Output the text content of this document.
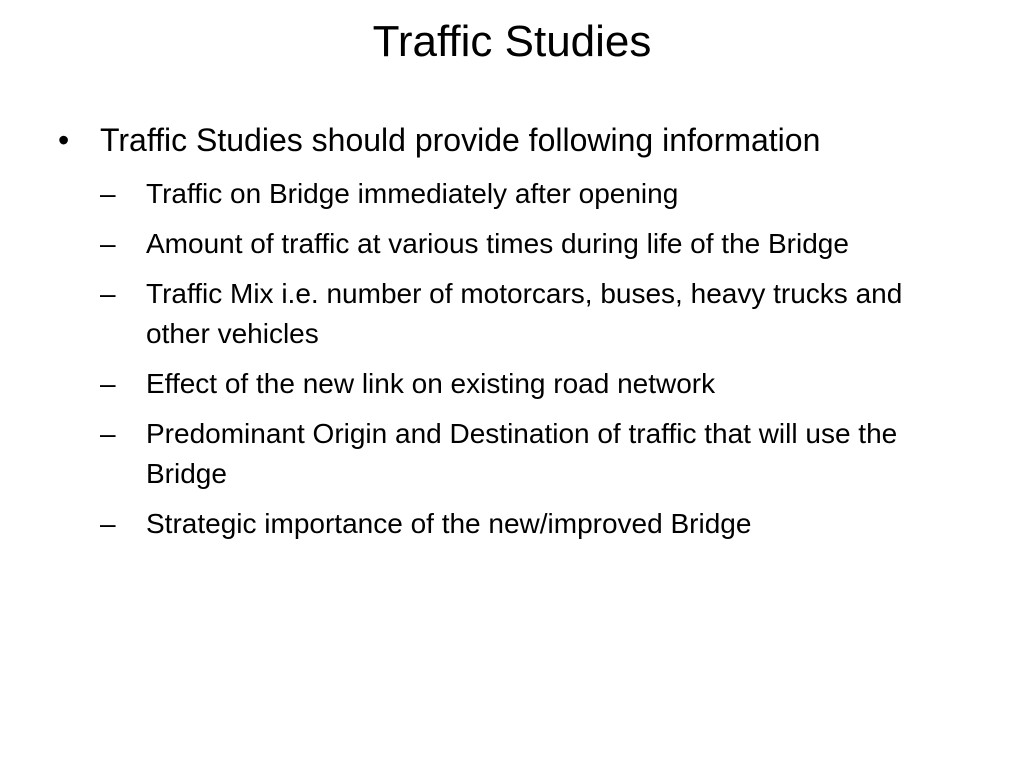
Traffic Studies
• Traffic Studies should provide following information
– Traffic on Bridge immediately after opening
– Amount of traffic at various times during life of the Bridge
– Traffic Mix i.e. number of motorcars, buses, heavy trucks and other vehicles
– Effect of the new link on existing road network
– Predominant Origin and Destination of traffic that will use the Bridge
– Strategic importance of the new/improved Bridge
